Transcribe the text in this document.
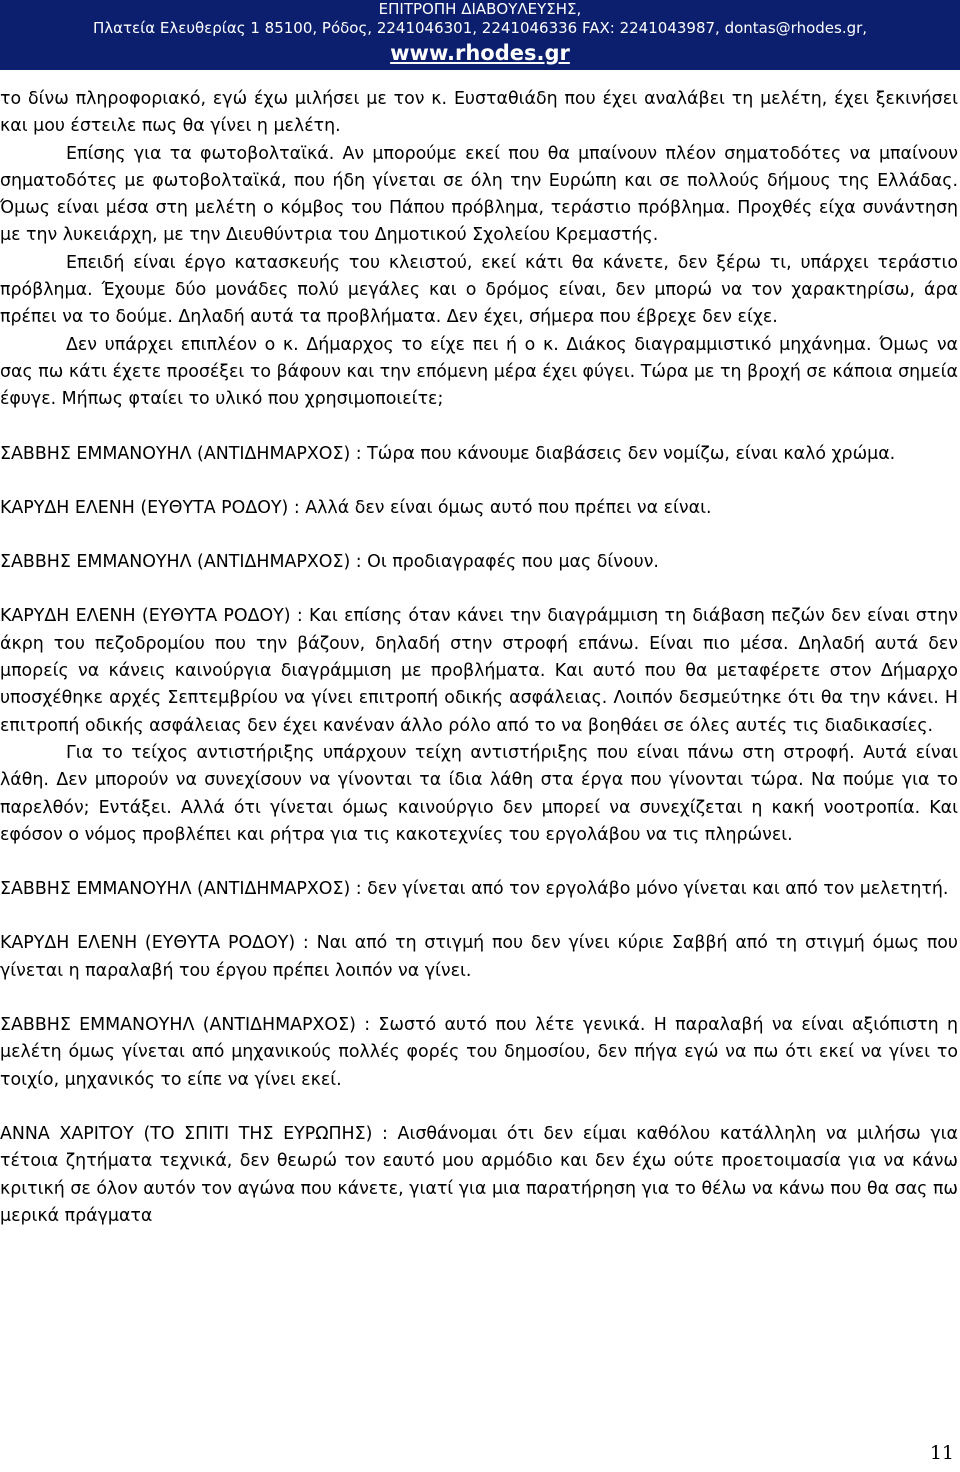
ΕΠΙΤΡΟΠΗ ΔΙΑΒΟΥΛΕΥΣΗΣ,
Πλατεία Ελευθερίας 1 85100, Ρόδος, 2241046301, 2241046336 FAX: 2241043987, dontas@rhodes.gr,
www.rhodes.gr

το δίνω πληροφοριακό, εγώ έχω μιλήσει με τον κ. Ευσταθιάδη που έχει αναλάβει τη μελέτη, έχει ξεκινήσει και μου έστειλε πως θα γίνει η μελέτη.

Επίσης για τα φωτοβολταϊκά. Αν μπορούμε εκεί που θα μπαίνουν πλέον σηματοδότες να μπαίνουν σηματοδότες με φωτοβολταϊκά, που ήδη γίνεται σε όλη την Ευρώπη και σε πολλούς δήμους της Ελλάδας. Όμως είναι μέσα στη μελέτη ο κόμβος του Πάπου πρόβλημα, τεράστιο πρόβλημα. Προχθές είχα συνάντηση με την λυκειάρχη, με την Διευθύντρια του Δημοτικού Σχολείου Κρεμαστής.

Επειδή είναι έργο κατασκευής του κλειστού, εκεί κάτι θα κάνετε, δεν ξέρω τι, υπάρχει τεράστιο πρόβλημα. Έχουμε δύο μονάδες πολύ μεγάλες και ο δρόμος είναι, δεν μπορώ να τον χαρακτηρίσω, άρα πρέπει να το δούμε. Δηλαδή αυτά τα προβλήματα. Δεν έχει, σήμερα που έβρεχε δεν είχε.

Δεν υπάρχει επιπλέον ο κ. Δήμαρχος το είχε πει ή ο κ. Διάκος διαγραμμιστικό μηχάνημα. Όμως να σας πω κάτι έχετε προσέξει το βάφουν και την επόμενη μέρα έχει φύγει. Τώρα με τη βροχή σε κάποια σημεία έφυγε. Μήπως φταίει το υλικό που χρησιμοποιείτε;

ΣΑΒΒΗΣ ΕΜΜΑΝΟΥΗΛ (ΑΝΤΙΔΗΜΑΡΧΟΣ) : Τώρα που κάνουμε διαβάσεις δεν νομίζω, είναι καλό χρώμα.

ΚΑΡΥΔΗ ΕΛΕΝΗ (ΕΥΘΥΤΑ ΡΟΔΟΥ) : Αλλά δεν είναι όμως αυτό που πρέπει να είναι.

ΣΑΒΒΗΣ ΕΜΜΑΝΟΥΗΛ (ΑΝΤΙΔΗΜΑΡΧΟΣ) : Οι προδιαγραφές που μας δίνουν.

ΚΑΡΥΔΗ ΕΛΕΝΗ (ΕΥΘΥΤΑ ΡΟΔΟΥ) : Και επίσης όταν κάνει την διαγράμμιση τη διάβαση πεζών δεν είναι στην άκρη του πεζοδρομίου που την βάζουν, δηλαδή στην στροφή επάνω. Είναι πιο μέσα. Δηλαδή αυτά δεν μπορείς να κάνεις καινούργια διαγράμμιση με προβλήματα. Και αυτό που θα μεταφέρετε στον Δήμαρχο υποσχέθηκε αρχές Σεπτεμβρίου να γίνει επιτροπή οδικής ασφάλειας. Λοιπόν δεσμεύτηκε ότι θα την κάνει. Η επιτροπή οδικής ασφάλειας δεν έχει κανέναν άλλο ρόλο από το να βοηθάει σε όλες αυτές τις διαδικασίες.

Για το τείχος αντιστήριξης υπάρχουν τείχη αντιστήριξης που είναι πάνω στη στροφή. Αυτά είναι λάθη. Δεν μπορούν να συνεχίσουν να γίνονται τα ίδια λάθη στα έργα που γίνονται τώρα. Να πούμε για το παρελθόν; Εντάξει. Αλλά ότι γίνεται όμως καινούργιο δεν μπορεί να συνεχίζεται η κακή νοοτροπία. Και εφόσον ο νόμος προβλέπει και ρήτρα για τις κακοτεχνίες του εργολάβου να τις πληρώνει.

ΣΑΒΒΗΣ ΕΜΜΑΝΟΥΗΛ (ΑΝΤΙΔΗΜΑΡΧΟΣ) : δεν γίνεται από τον εργολάβο μόνο γίνεται και από τον μελετητή.

ΚΑΡΥΔΗ ΕΛΕΝΗ (ΕΥΘΥΤΑ ΡΟΔΟΥ) : Ναι από τη στιγμή που δεν γίνει κύριε Σαββή από τη στιγμή όμως που γίνεται η παραλαβή του έργου πρέπει λοιπόν να γίνει.

ΣΑΒΒΗΣ ΕΜΜΑΝΟΥΗΛ (ΑΝΤΙΔΗΜΑΡΧΟΣ) : Σωστό αυτό που λέτε γενικά. Η παραλαβή να είναι αξιόπιστη η μελέτη όμως γίνεται από μηχανικούς πολλές φορές του δημοσίου, δεν πήγα εγώ να πω ότι εκεί να γίνει το τοιχίο, μηχανικός το είπε να γίνει εκεί.

ΑΝΝΑ ΧΑΡΙΤΟΥ (ΤΟ ΣΠΙΤΙ ΤΗΣ ΕΥΡΩΠΗΣ) : Αισθάνομαι ότι δεν είμαι καθόλου κατάλληλη να μιλήσω για τέτοια ζητήματα τεχνικά, δεν θεωρώ τον εαυτό μου αρμόδιο και δεν έχω ούτε προετοιμασία για να κάνω κριτική σε όλον αυτόν τον αγώνα που κάνετε, γιατί για μια παρατήρηση για το θέλω να κάνω που θα σας πω μερικά πράγματα

11
